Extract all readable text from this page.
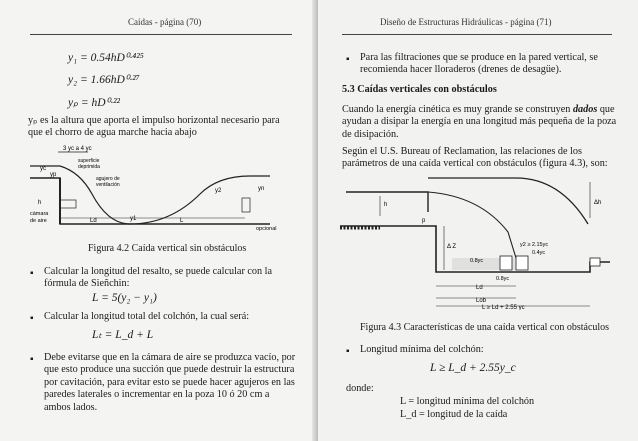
Caídas - página (70)
y₁ = 0.54hD⁰·⁴²⁵
y₂ = 1.66hD⁰·²⁷
yₚ = hD⁰·²²
yₚ es la altura que aporta el impulso horizontal necesario para que el chorro de agua marche hacia abajo
3 yc a 4 yc
superficie
deprimida
yc
yp
agujero de
ventilación
h
y1
y2	yn
cámara
de aire	Ld	L
opcional
Figura 4.2 Caída vertical sin obstáculos
▪ Calcular la longitud del resalto, se puede calcular con la fórmula de Sieñchin:
L = 5(y₂ − y₁)
▪ Calcular la longitud total del colchón, la cual será:
Lₜ = L_d + L
▪ Debe evitarse que en la cámara de aire se produzca vacío, por que esto produce una succión que puede destruir la estructura por cavitación, para evitar esto se puede hacer agujeros en las paredes laterales o incrementar en la poza 10 ó 20 cm a ambos lados.
Diseño de Estructuras Hidráulicas - página (71)
▪ Para las filtraciones que se produce en la pared vertical, se recomienda hacer lloraderos (drenes de desagüe).
5.3 Caídas verticales con obstáculos
Cuando la energía cinética es muy grande se construyen dados que ayudan a disipar la energía en una longitud más pequeña de la poza de disipación.
Según el U.S. Bureau of Reclamation, las relaciones de los parámetros de una caída vertical con obstáculos (figura 4.3), son:
h
p
Δh
Δ Z	y2 ≥ 2.15yc
0.4yc
0.8yc
0.8yc
Ld
Lob
L ≥ Ld + 2.55 yc
Figura 4.3 Características de una caída vertical con obstáculos
▪ Longitud mínima del colchón:
L ≥ L_d + 2.55y_c
donde:
L = longitud mínima del colchón
L_d = longitud de la caída
